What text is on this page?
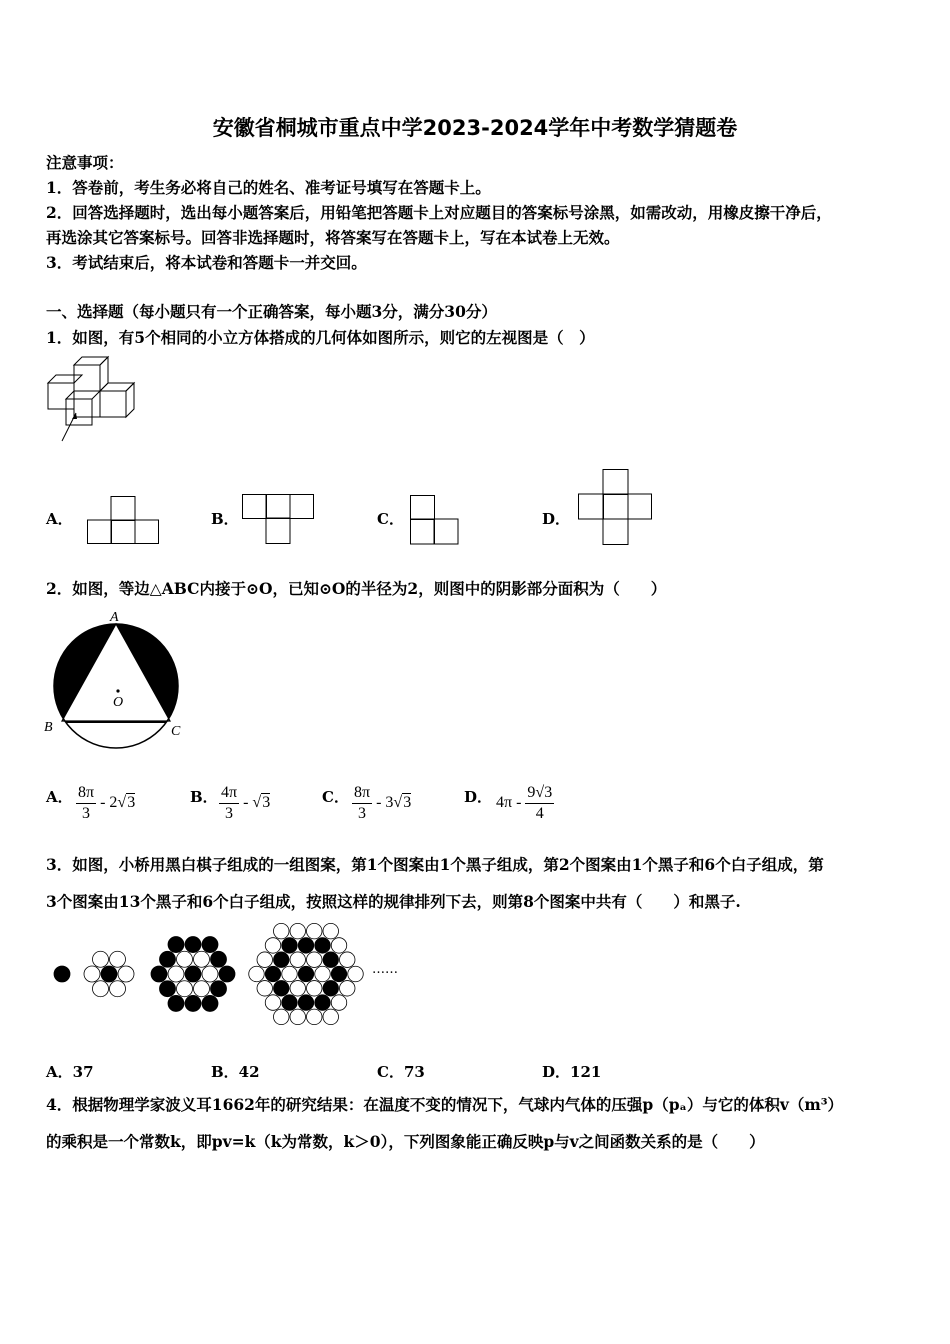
安徽省桐城市重点中学2023-2024学年中考数学猜题卷
注意事项：
1．答卷前，考生务必将自己的姓名、准考证号填写在答题卡上。
2．回答选择题时，选出每小题答案后，用铅笔把答题卡上对应题目的答案标号涂黑，如需改动，用橡皮擦干净后，
再选涂其它答案标号。回答非选择题时，将答案写在答题卡上，写在本试卷上无效。
3．考试结束后，将本试卷和答题卡一并交回。
一、选择题（每小题只有一个正确答案，每小题3分，满分30分）
1．如图，有5个相同的小立方体搭成的几何体如图所示，则它的左视图是（　）
A．	B．	C．	D．
2．如图，等边△ABC内接于⊙O，已知⊙O的半径为2，则图中的阴影部分面积为（　　）
A
O
B	C
A． $\frac{8\pi}{3} - 2√3$	B． $\frac{4\pi}{3} - √3$	C． $\frac{8\pi}{3} - 3√3$	D． $4\pi - \frac{9√3}{4}$
3．如图，小桥用黑白棋子组成的一组图案，第1个图案由1个黑子组成，第2个图案由1个黑子和6个白子组成，第
3个图案由13个黑子和6个白子组成，按照这样的规律排列下去，则第8个图案中共有（　　）和黑子.
……
A．37	B．42	C．73	D．121
4．根据物理学家波义耳1662年的研究结果：在温度不变的情况下，气球内气体的压强p（pₐ）与它的体积v（m³）
的乘积是一个常数k，即pv=k（k为常数，k＞0），下列图象能正确反映p与v之间函数关系的是（　　）
